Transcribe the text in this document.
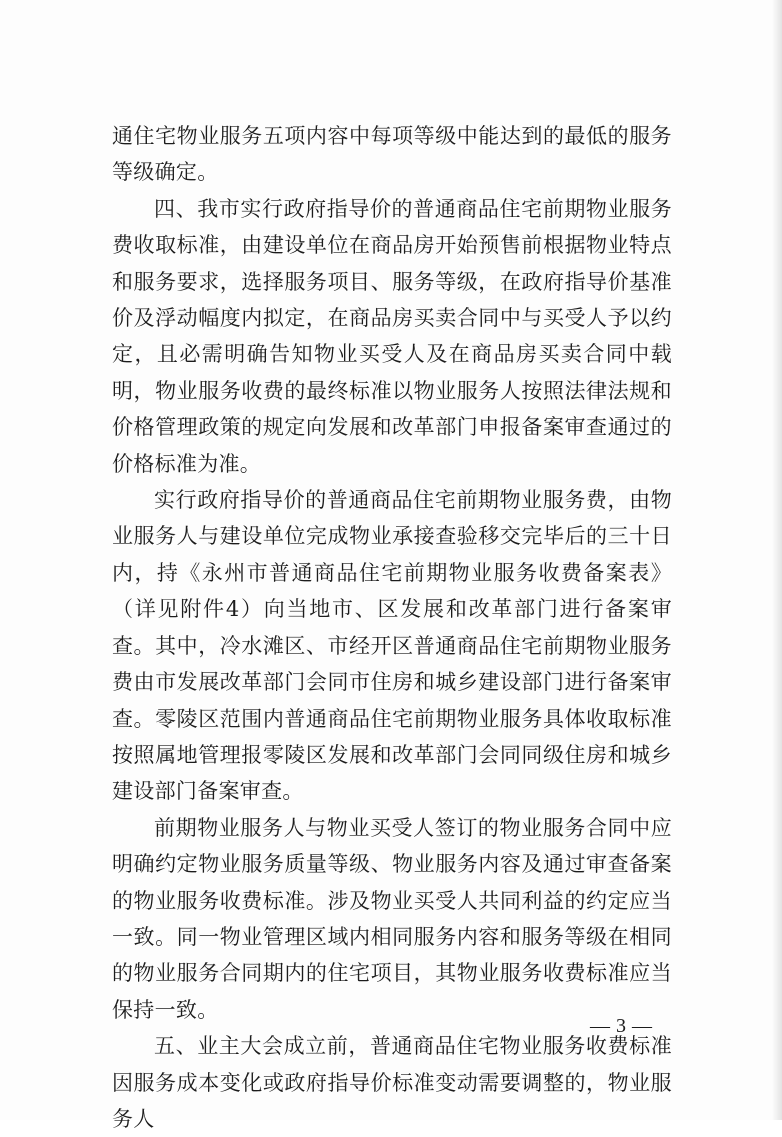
通住宅物业服务五项内容中每项等级中能达到的最低的服务等级确定。

四、我市实行政府指导价的普通商品住宅前期物业服务费收取标准，由建设单位在商品房开始预售前根据物业特点和服务要求，选择服务项目、服务等级，在政府指导价基准价及浮动幅度内拟定，在商品房买卖合同中与买受人予以约定，且必需明确告知物业买受人及在商品房买卖合同中载明，物业服务收费的最终标准以物业服务人按照法律法规和价格管理政策的规定向发展和改革部门申报备案审查通过的价格标准为准。

实行政府指导价的普通商品住宅前期物业服务费，由物业服务人与建设单位完成物业承接查验移交完毕后的三十日内，持《永州市普通商品住宅前期物业服务收费备案表》（详见附件4）向当地市、区发展和改革部门进行备案审查。其中，冷水滩区、市经开区普通商品住宅前期物业服务费由市发展改革部门会同市住房和城乡建设部门进行备案审查。零陵区范围内普通商品住宅前期物业服务具体收取标准按照属地管理报零陵区发展和改革部门会同同级住房和城乡建设部门备案审查。

前期物业服务人与物业买受人签订的物业服务合同中应明确约定物业服务质量等级、物业服务内容及通过审查备案的物业服务收费标准。涉及物业买受人共同利益的约定应当一致。同一物业管理区域内相同服务内容和服务等级在相同的物业服务合同期内的住宅项目，其物业服务收费标准应当保持一致。

五、业主大会成立前，普通商品住宅物业服务收费标准因服务成本变化或政府指导价标准变动需要调整的，物业服务人

— 3 —
